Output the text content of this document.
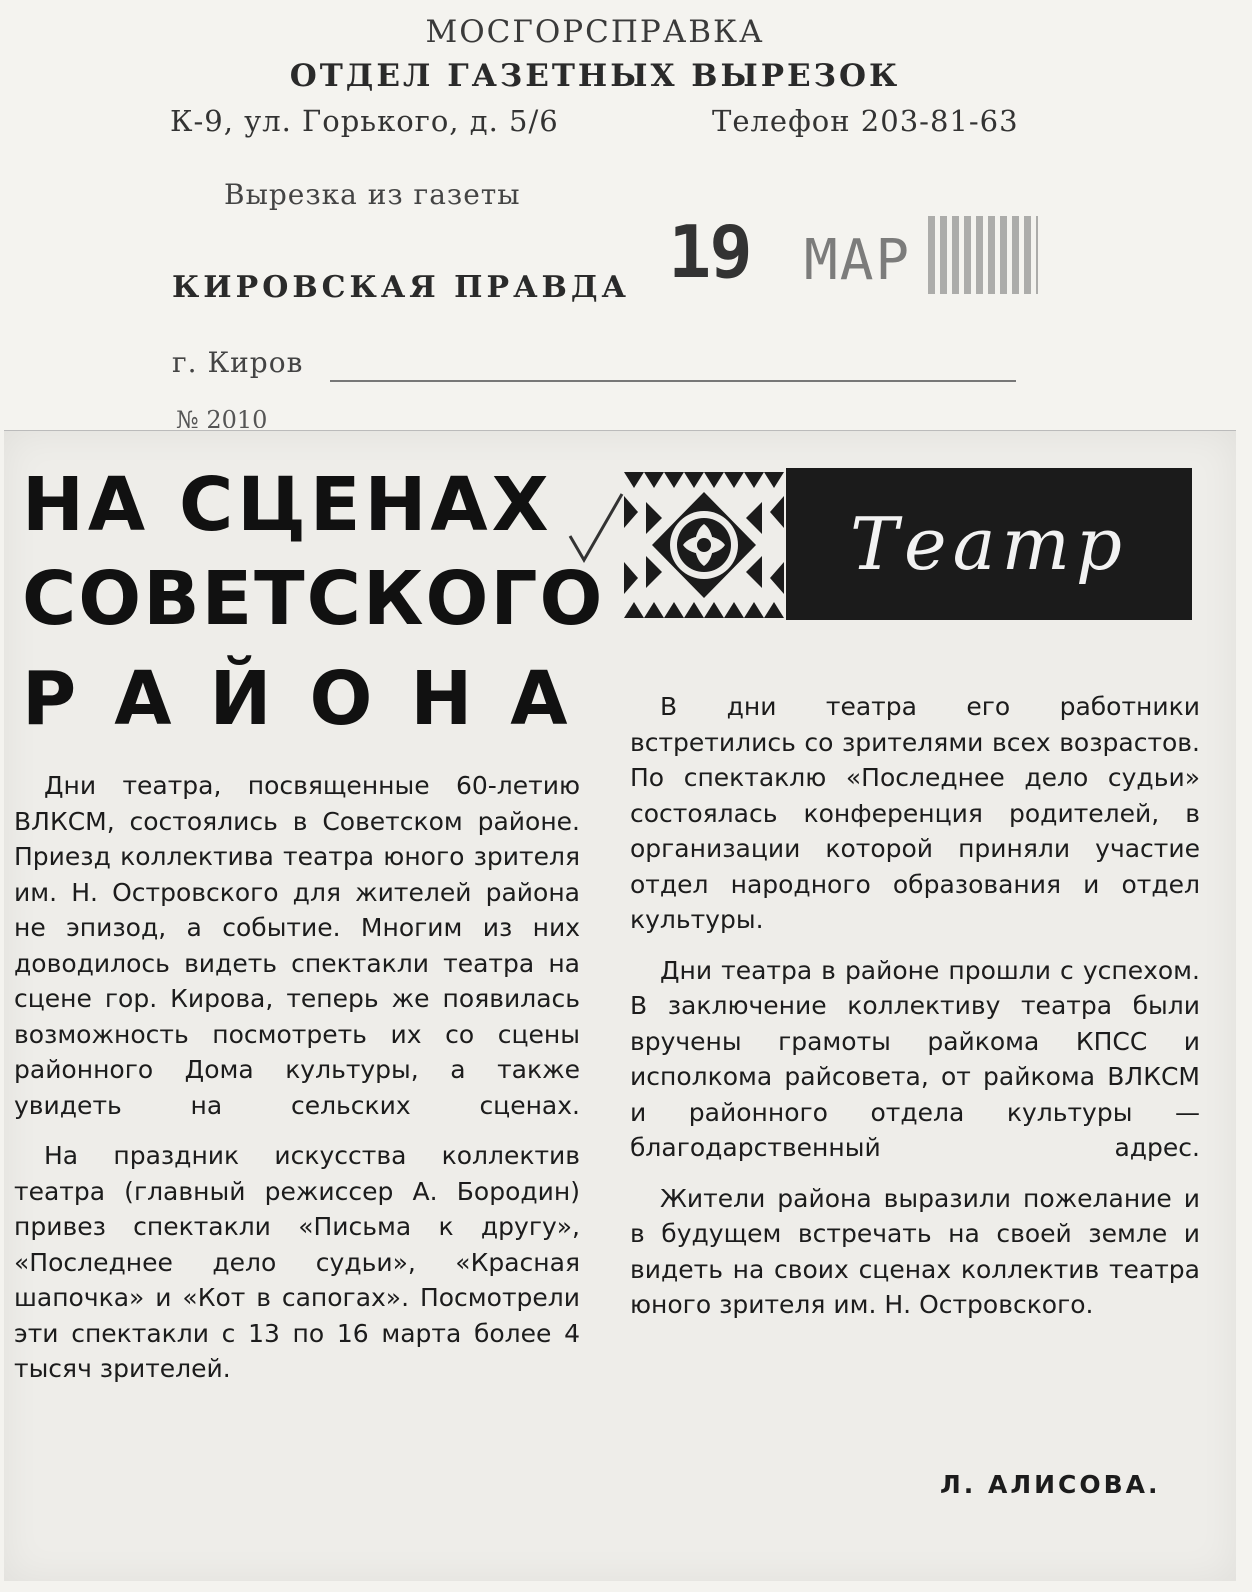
МОСГОРСПРАВКА
ОТДЕЛ ГАЗЕТНЫХ ВЫРЕЗОК
К-9, ул. Горького, д. 5/6	Телефон 203-81-63
Вырезка из газеты
КИРОВСКАЯ ПРАВДА 19 МАР
г. Киров
№ 2010
НА СЦЕНАХ
СОВЕТСКОГО
РАЙОНА
Театр

Дни театра, посвященные 60-летию ВЛКСМ, состоялись в Советском районе. Приезд коллектива театра юного зрителя им. Н. Островского для жителей района не эпизод, а событие. Многим из них доводилось видеть спектакли театра на сцене гор. Кирова, теперь же появилась возможность посмотреть их со сцены районного Дома культуры, а также увидеть на сельских сценах.

На праздник искусства коллектив театра (главный режиссер А. Бородин) привез спектакли «Письма к другу», «Последнее дело судьи», «Красная шапочка» и «Кот в сапогах». Посмотрели эти спектакли с 13 по 16 марта более 4 тысяч зрителей.

В дни театра его работники встретились со зрителями всех возрастов. По спектаклю «Последнее дело судьи» состоялась конференция родителей, в организации которой приняли участие отдел народного образования и отдел культуры.

Дни театра в районе прошли с успехом. В заключение коллективу театра были вручены грамоты райкома КПСС и исполкома райсовета, от райкома ВЛКСМ и районного отдела культуры — благодарственный адрес.

Жители района выразили пожелание и в будущем встречать на своей земле и видеть на своих сценах коллектив театра юного зрителя им. Н. Островского.

Л. АЛИСОВА.
